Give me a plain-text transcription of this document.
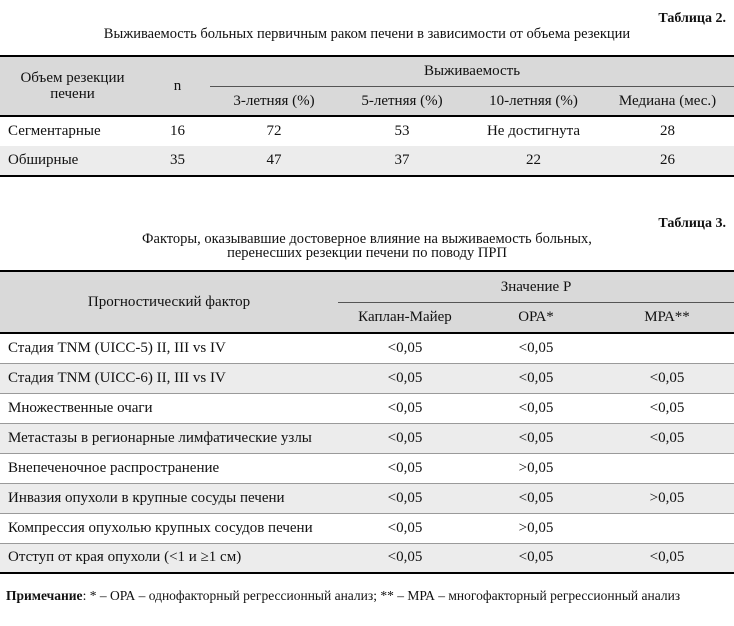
Таблица 2.
Выживаемость больных первичным раком печени в зависимости от объема резекции
Объем резекции печени	n	Выживаемость			
		3-летняя (%)	5-летняя (%)	10-летняя (%)	Медиана (мес.)
Сегментарные	16	72	53	Не достигнута	28
Обширные	35	47	37	22	26
Таблица 3.
Факторы, оказывавшие достоверное влияние на выживаемость больных,
перенесших резекции печени по поводу ПРП
Прогностический фактор	Значение P		
	Каплан-Майер	ОРА*	МРА**
Стадия TNM (UICC-5) II, III vs IV	<0,05	<0,05	
Стадия TNM (UICC-6) II, III vs IV	<0,05	<0,05	<0,05
Множественные очаги	<0,05	<0,05	<0,05
Метастазы в регионарные лимфатические узлы	<0,05	<0,05	<0,05
Внепеченочное распространение	<0,05	>0,05	
Инвазия опухоли в крупные сосуды печени	<0,05	<0,05	>0,05
Компрессия опухолью крупных сосудов печени	<0,05	>0,05	
Отступ от края опухоли (<1 и ≥1 см)	<0,05	<0,05	<0,05
Примечание: * – ОРА – однофакторный регрессионный анализ; ** – МРА – многофакторный регрессионный анализ
